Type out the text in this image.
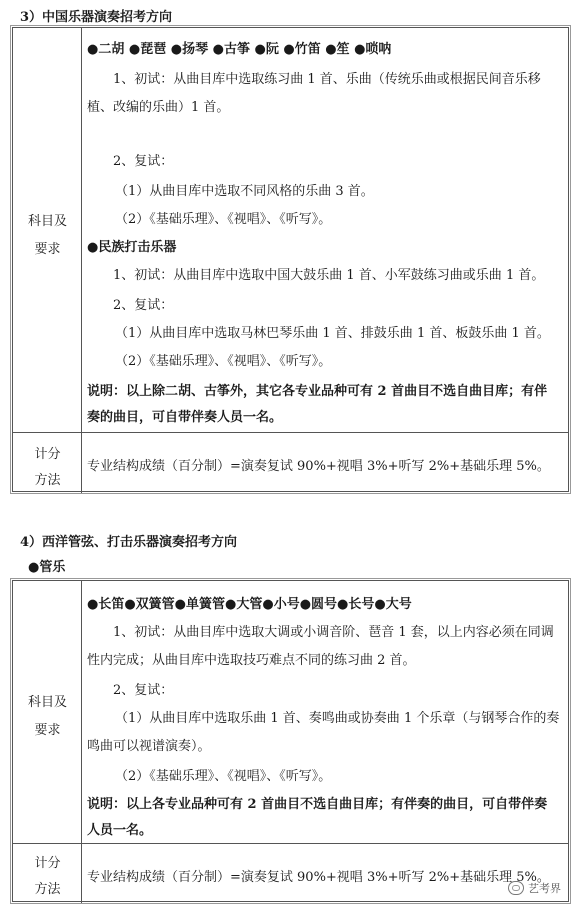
3）中国乐器演奏招考方向
科目及
要求
●二胡 ●琵琶 ●扬琴 ●古筝 ●阮 ●竹笛 ●笙 ●唢呐
1、初试：从曲目库中选取练习曲 1 首、乐曲（传统乐曲或根据民间音乐移
植、改编的乐曲）1 首。
2、复试：
（1）从曲目库中选取不同风格的乐曲 3 首。
（2）《基础乐理》、《视唱》、《听写》。
●民族打击乐器
1、初试：从曲目库中选取中国大鼓乐曲 1 首、小军鼓练习曲或乐曲 1 首。
2、复试：
（1）从曲目库中选取马林巴琴乐曲 1 首、排鼓乐曲 1 首、板鼓乐曲 1 首。
（2）《基础乐理》、《视唱》、《听写》。
说明：以上除二胡、古筝外，其它各专业品种可有 2 首曲目不选自曲目库；有伴
奏的曲目，可自带伴奏人员一名。
计分
方法
专业结构成绩（百分制）=演奏复试 90%+视唱 3%+听写 2%+基础乐理 5%。
4）西洋管弦、打击乐器演奏招考方向
●管乐
科目及
要求
●长笛●双簧管●单簧管●大管●小号●圆号●长号●大号
1、初试：从曲目库中选取大调或小调音阶、琶音 1 套，以上内容必须在同调
性内完成；从曲目库中选取技巧难点不同的练习曲 2 首。
2、复试：
（1）从曲目库中选取乐曲 1 首、奏鸣曲或协奏曲 1 个乐章（与钢琴合作的奏
鸣曲可以视谱演奏）。
（2）《基础乐理》、《视唱》、《听写》。
说明：以上各专业品种可有 2 首曲目不选自曲目库；有伴奏的曲目，可自带伴奏
人员一名。
计分
方法
专业结构成绩（百分制）=演奏复试 90%+视唱 3%+听写 2%+基础乐理 5%。
艺考界
